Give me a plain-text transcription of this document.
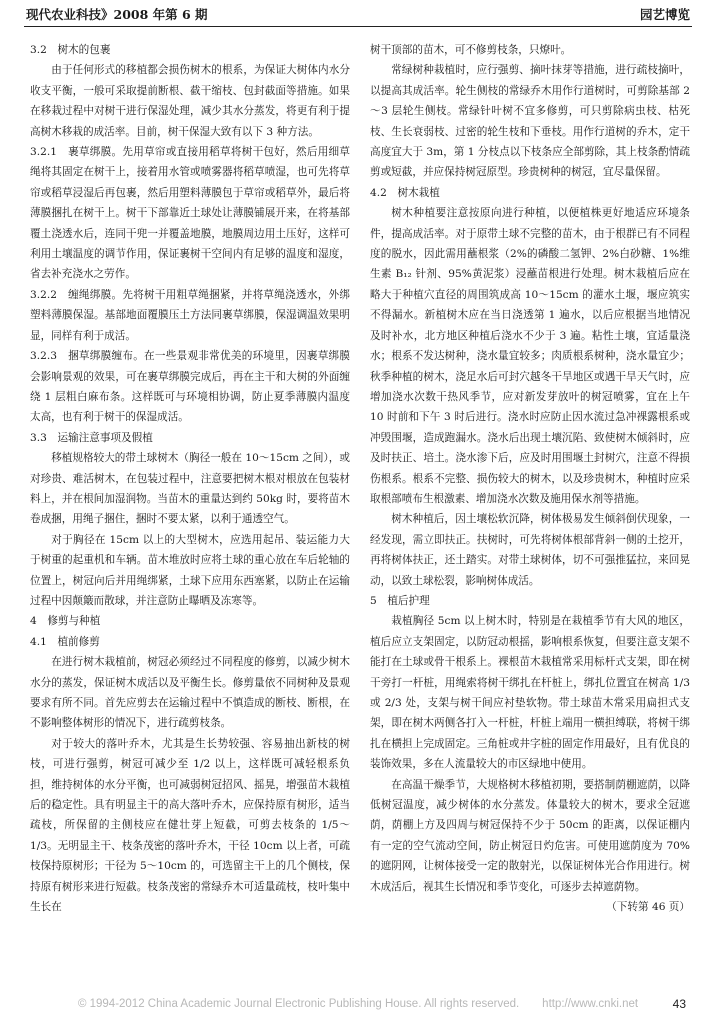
现代农业科技》2008 年第 6 期	园艺博览

3.2　树木的包裹

由于任何形式的移植都会损伤树木的根系，为保证大树体内水分收支平衡，一般可采取提前断根、截干缩枝、包封截面等措施。如果在移栽过程中对树干进行保湿处理，减少其水分蒸发，将更有利于提高树木移栽的成活率。目前，树干保湿大致有以下 3 种方法。

3.2.1　裹草绑膜。先用草帘或直接用稻草将树干包好，然后用细草绳将其固定在树干上，接着用水管或喷雾器将稻草喷湿，也可先将草帘或稻草浸湿后再包裹，然后用塑料薄膜包于草帘或稻草外，最后将薄膜捆扎在树干上。树干下部靠近土球处让薄膜铺展开来，在将基部覆土浇透水后，连同干兜一并覆盖地膜，地膜周边用土压好，这样可利用土壤温度的调节作用，保证裹树干空间内有足够的温度和湿度，省去补充浇水之劳作。

3.2.2　缠绳绑膜。先将树干用粗草绳捆紧，并将草绳浇透水，外绑塑料薄膜保湿。基部地面覆膜压土方法同裹草绑膜，保湿调温效果明显，同样有利于成活。

3.2.3　捆草绑膜缠布。在一些景观非常优美的环境里，因裹草绑膜会影响景观的效果，可在裹草绑膜完成后，再在主干和大树的外面缠绕 1 层粗白麻布条。这样既可与环境相协调，防止夏季薄膜内温度太高，也有利于树干的保湿成活。

3.3　运输注意事项及假植

移植规格较大的带土球树木（胸径一般在 10～15cm 之间），或对珍贵、难活树木，在包装过程中，注意要把树木根对根放在包装材料上，并在根间加湿润物。当苗木的重量达到约 50kg 时，要将苗木卷成捆，用绳子捆住，捆时不要太紧，以利于通透空气。

对于胸径在 15cm 以上的大型树木，应选用起吊、装运能力大于树重的起重机和车辆。苗木堆放时应将土球的重心放在车后轮轴的位置上，树冠向后并用绳绑紧，土球下应用东西塞紧，以防止在运输过程中因颠簸而散球，并注意防止曝晒及冻寒等。

4　修剪与种植

4.1　植前修剪

在进行树木栽植前，树冠必须经过不同程度的修剪，以减少树木水分的蒸发，保证树木成活以及平衡生长。修剪量依不同树种及景观要求有所不同。首先应剪去在运输过程中不慎造成的断枝、断根，在不影响整体树形的情况下，进行疏剪枝条。

对于较大的落叶乔木，尤其是生长势较强、容易抽出新枝的树枝，可进行强剪，树冠可减少至 1/2 以上，这样既可减轻根系负担，维持树体的水分平衡，也可减弱树冠招风、摇晃，增强苗木栽植后的稳定性。具有明显主干的高大落叶乔木，应保持原有树形，适当疏枝，所保留的主侧枝应在健壮芽上短截，可剪去枝条的 1/5～1/3。无明显主干、枝条茂密的落叶乔木，干径 10cm 以上者，可疏枝保持原树形；干径为 5～10cm 的，可选留主干上的几个侧枝，保持原有树形来进行短截。枝条茂密的常绿乔木可适量疏枝，枝叶集中生长在

树干顶部的苗木，可不修剪枝条，只燎叶。

常绿树种栽植时，应行强剪、摘叶抹芽等措施，进行疏枝摘叶，以提高其成活率。轮生侧枝的常绿乔木用作行道树时，可剪除基部 2～3 层轮生侧枝。常绿针叶树不宜多修剪，可只剪除病虫枝、枯死枝、生长衰弱枝、过密的轮生枝和下垂枝。用作行道树的乔木，定干高度宜大于 3m，第 1 分枝点以下枝条应全部剪除，其上枝条酌情疏剪或短截，并应保持树冠原型。珍贵树种的树冠，宜尽量保留。

4.2　树木栽植

树木种植要注意按原向进行种植，以便植株更好地适应环境条件，提高成活率。对于原带土球不完整的苗木，由于根群已有不同程度的脱水，因此需用蘸根浆（2%的磷酸二氢钾、2%白砂糖、1%维生素 B₁₂ 针剂、95%黄泥浆）浸蘸苗根进行处理。树木栽植后应在略大于种植穴直径的周围筑成高 10～15cm 的灌水土堰，堰应筑实不得漏水。新植树木应在当日浇透第 1 遍水，以后应根据当地情况及时补水，北方地区种植后浇水不少于 3 遍。粘性土壤，宜适量浇水；根系不发达树种，浇水量宜较多；肉质根系树种，浇水量宜少；秋季种植的树木，浇足水后可封穴越冬干旱地区或遇干旱天气时，应增加浇水次数干热风季节，应对新发芽放叶的树冠喷雾，宜在上午 10 时前和下午 3 时后进行。浇水时应防止因水流过急冲裸露根系或冲毁围堰，造成跑漏水。浇水后出现土壤沉陷、致使树木倾斜时，应及时扶正、培土。浇水渗下后，应及时用围堰土封树穴，注意不得损伤根系。根系不完整、损伤较大的树木，以及珍贵树木，种植时应采取根部喷布生根激素、增加浇水次数及施用保水剂等措施。

树木种植后，因土壤松软沉降，树体极易发生倾斜倒伏现象，一经发现，需立即扶正。扶树时，可先将树体根部背斜一侧的土挖开，再将树体扶正，还土踏实。对带土球树体，切不可强推猛拉，来回晃动，以致土球松裂，影响树体成活。

5　植后护理

栽植胸径 5cm 以上树木时，特别是在栽植季节有大风的地区，植后应立支架固定，以防冠动根摇，影响根系恢复，但要注意支架不能打在土球或骨干根系上。裸根苗木栽植常采用标杆式支架，即在树干旁打一杆桩，用绳索将树干绑扎在杆桩上，绑扎位置宜在树高 1/3 或 2/3 处，支架与树干间应衬垫软物。带土球苗木常采用扁担式支架，即在树木两侧各打入一杆桩，杆桩上端用一横担缚联，将树干绑扎在横担上完成固定。三角桩或井字桩的固定作用最好，且有优良的装饰效果，多在人流量较大的市区绿地中使用。

在高温干燥季节，大规格树木移植初期，要搭制荫棚遮荫，以降低树冠温度，减少树体的水分蒸发。体量较大的树木，要求全冠遮荫，荫棚上方及四周与树冠保持不少于 50cm 的距离，以保证棚内有一定的空气流动空间，防止树冠日灼危害。可使用遮荫度为 70%的遮阴网，让树体接受一定的散射光，以保证树体光合作用进行。树木成活后，视其生长情况和季节变化，可逐步去掉遮荫物。

（下转第 46 页）

© 1994-2012 China Academic Journal Electronic Publishing House. All rights reserved.　　http://www.cnki.net	43
